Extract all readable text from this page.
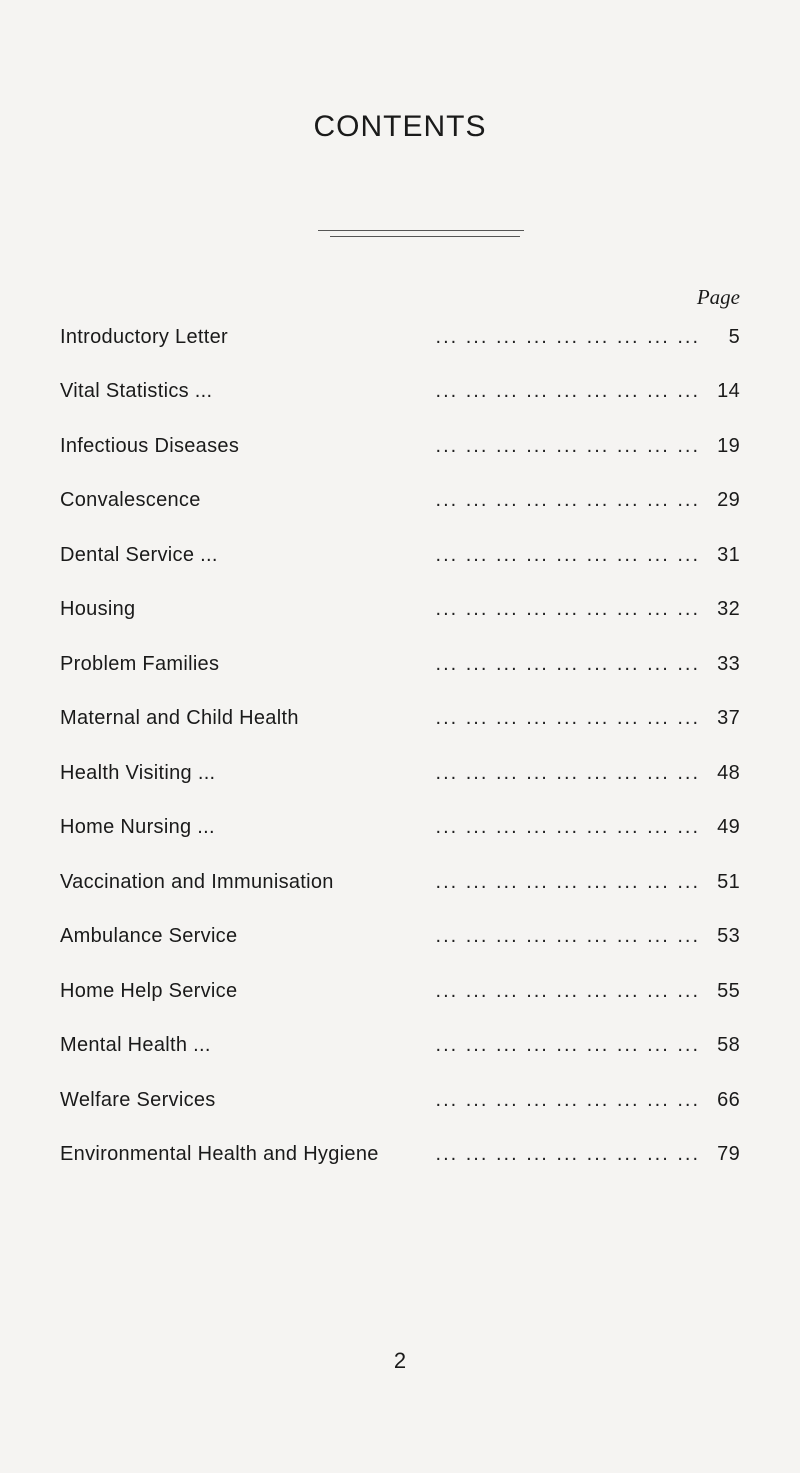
CONTENTS
Page
Introductory Letter	... ... ... ... ... ... ... ... ...	5
Vital Statistics ...	... ... ... ... ... ... ... ... ... 14
Infectious Diseases	... ... ... ... ... ... ... ... ... 19
Convalescence	... ... ... ... ... ... ... ... ... 29
Dental Service ...	... ... ... ... ... ... ... ... ... 31
Housing	... ... ... ... ... ... ... ... ... 32
Problem Families	... ... ... ... ... ... ... ... ... 33
Maternal and Child Health	... ... ... ... ... ... ... ... ... 37
Health Visiting ...	... ... ... ... ... ... ... ... ... 48
Home Nursing ...	... ... ... ... ... ... ... ... ... 49
Vaccination and Immunisation	... ... ... ... ... ... ... ... ... 51
Ambulance Service	... ... ... ... ... ... ... ... ... 53
Home Help Service	... ... ... ... ... ... ... ... ... 55
Mental Health ...	... ... ... ... ... ... ... ... ... 58
Welfare Services	... ... ... ... ... ... ... ... ... 66
Environmental Health and Hygiene	... ... ... ... ... ... ... ... ... 79
2
